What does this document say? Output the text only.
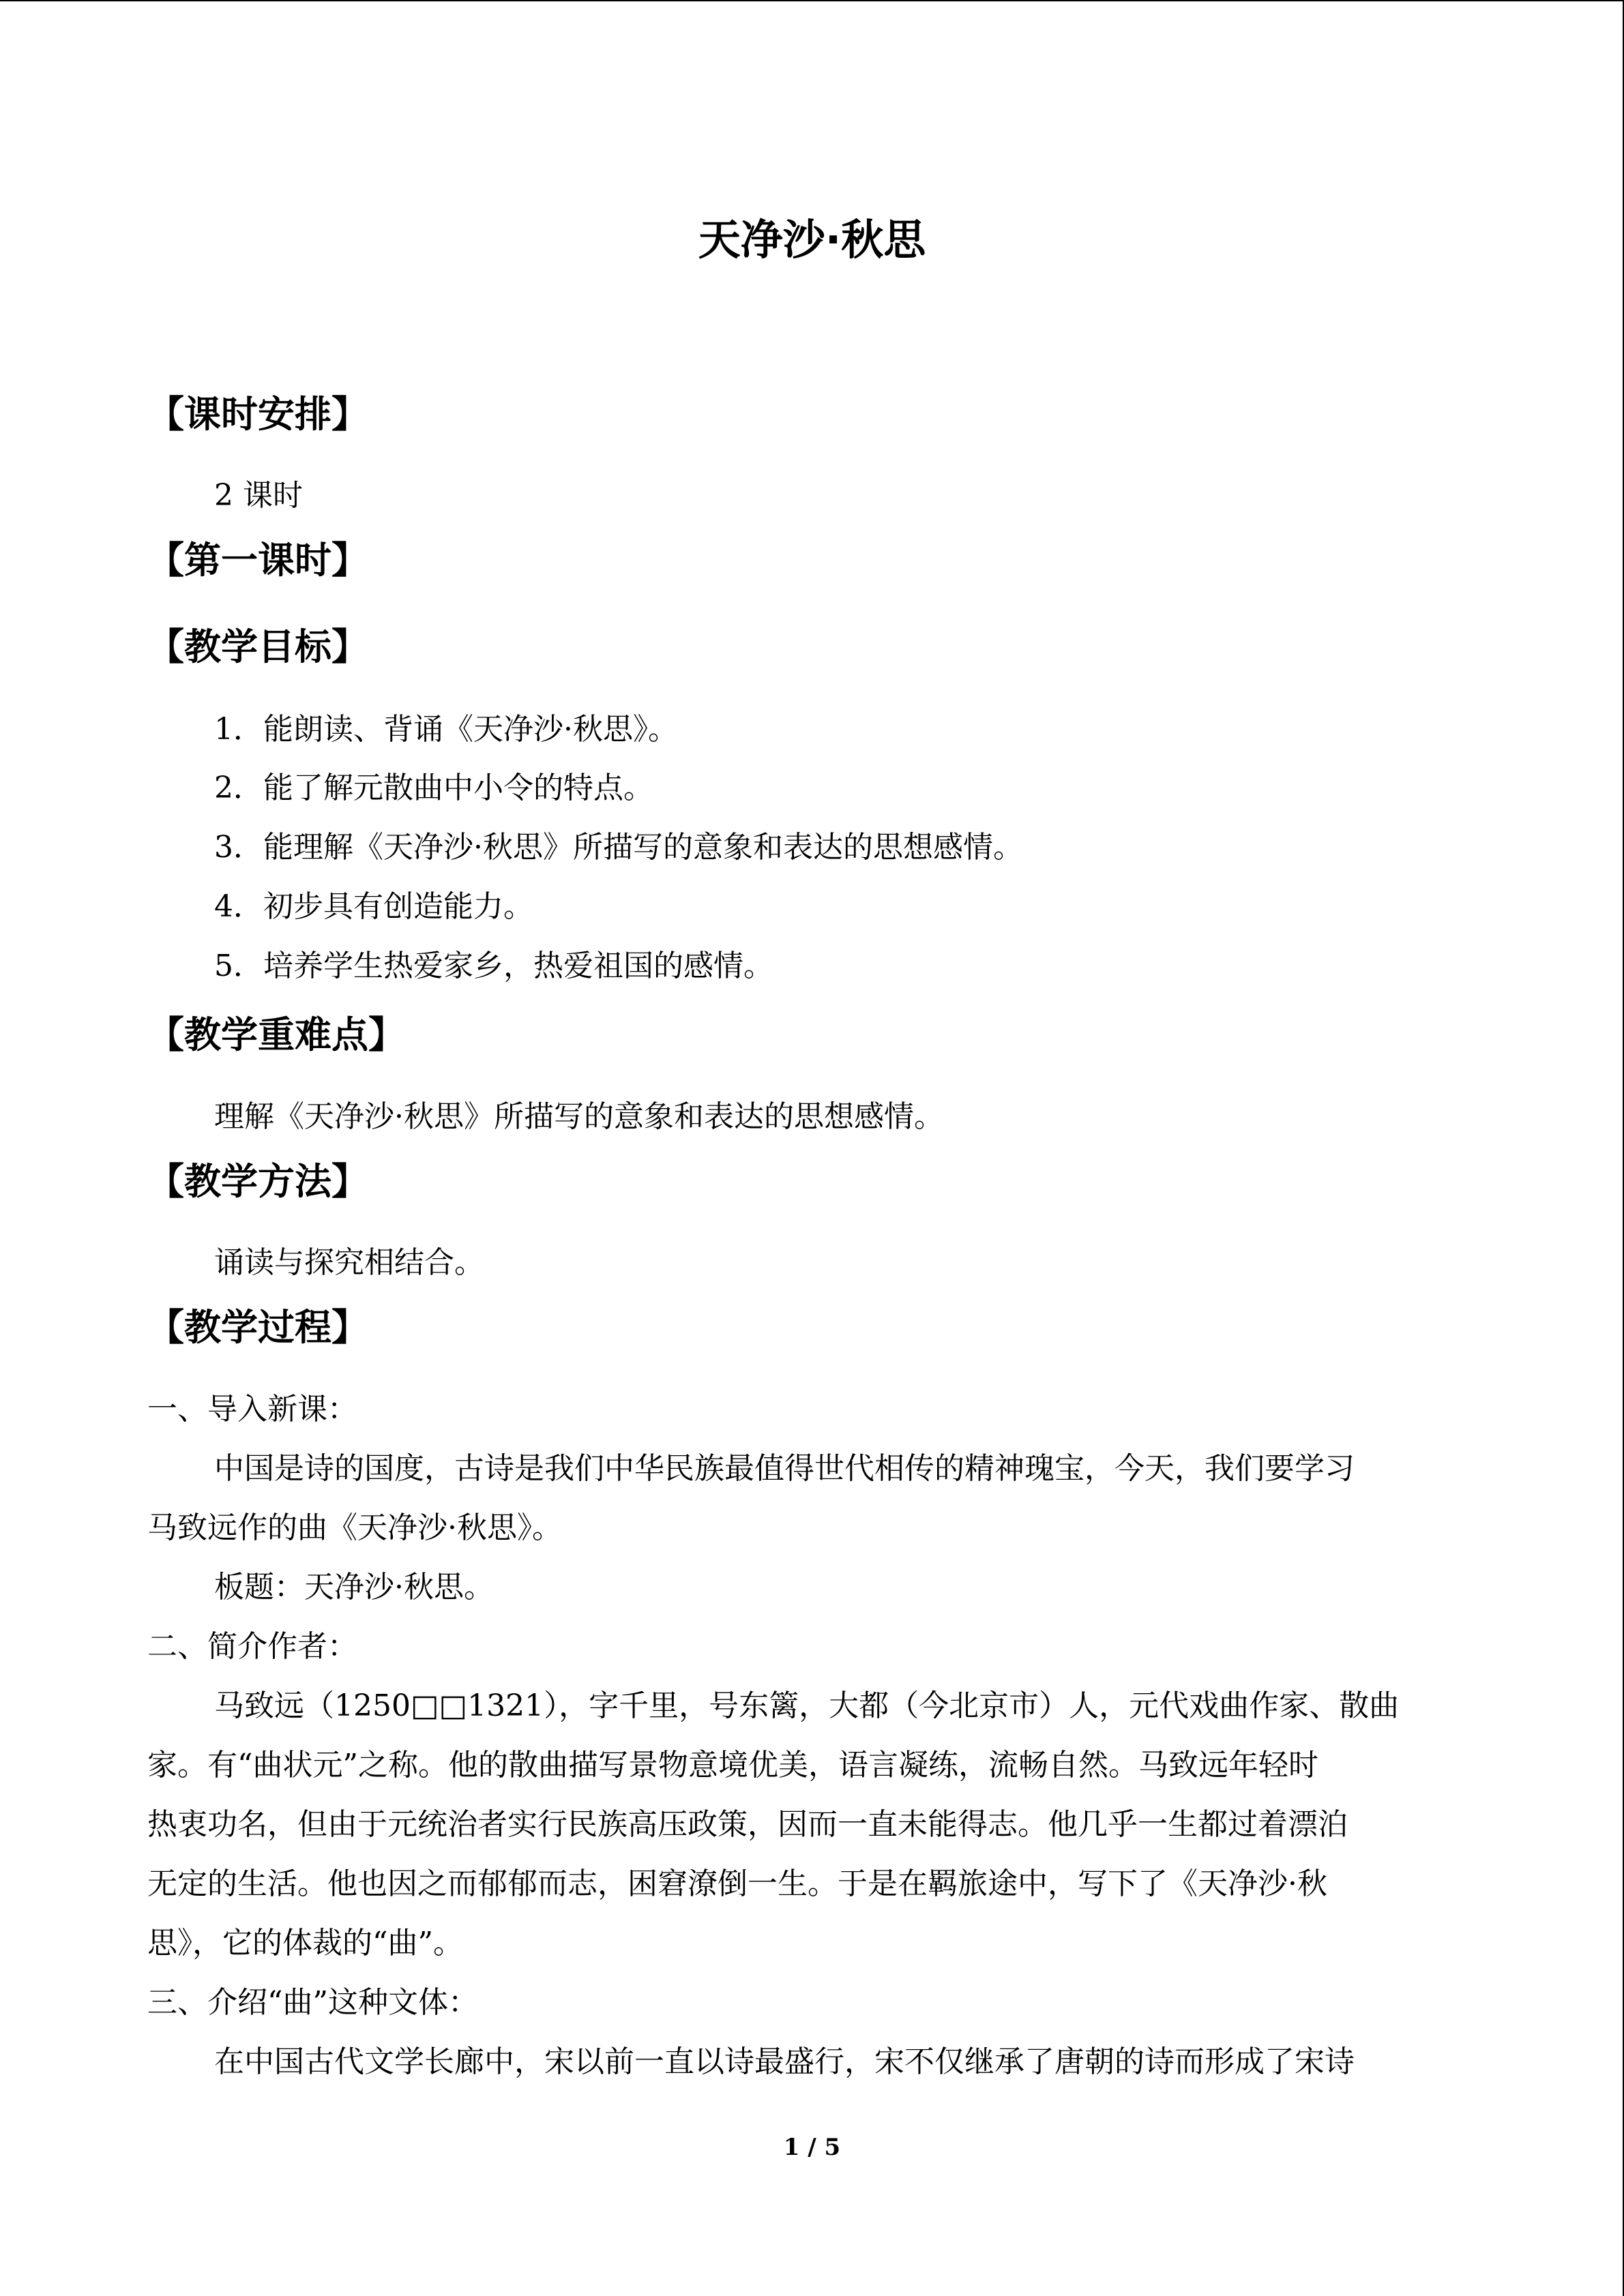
天净沙·秋思
【课时安排】

2 课时

【第一课时】
【教学目标】

1．能朗读、背诵《天净沙·秋思》。

2．能了解元散曲中小令的特点。

3．能理解《天净沙·秋思》所描写的意象和表达的思想感情。

4．初步具有创造能力。

5．培养学生热爱家乡，热爱祖国的感情。

【教学重难点】

理解《天净沙·秋思》所描写的意象和表达的思想感情。

【教学方法】

诵读与探究相结合。

【教学过程】

一、导入新课：

中国是诗的国度，古诗是我们中华民族最值得世代相传的精神瑰宝，今天，我们要学习

马致远作的曲《天净沙·秋思》。

板题：天净沙·秋思。

二、简介作者：

马致远（1250□□1321），字千里，号东篱，大都（今北京市）人，元代戏曲作家、散曲

家。有“曲状元”之称。他的散曲描写景物意境优美，语言凝练，流畅自然。马致远年轻时

热衷功名，但由于元统治者实行民族高压政策，因而一直未能得志。他几乎一生都过着漂泊

无定的生活。他也因之而郁郁而志，困窘潦倒一生。于是在羁旅途中，写下了《天净沙·秋

思》，它的体裁的“曲”。

三、介绍“曲”这种文体：

在中国古代文学长廊中，宋以前一直以诗最盛行，宋不仅继承了唐朝的诗而形成了宋诗

1 / 5
